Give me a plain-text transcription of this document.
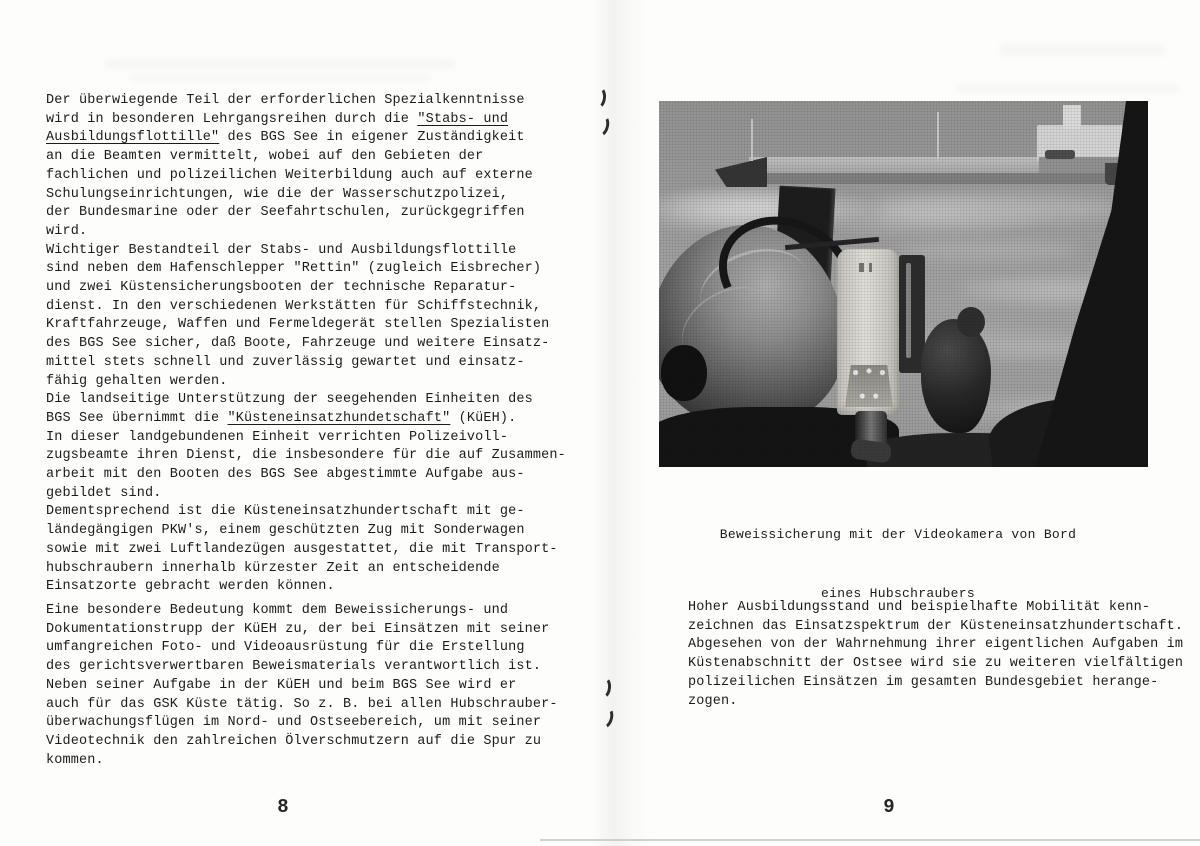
Der überwiegende Teil der erforderlichen Spezialkenntnisse
wird in besonderen Lehrgangsreihen durch die "Stabs- und
Ausbildungsflottille" des BGS See in eigener Zuständigkeit
an die Beamten vermittelt, wobei auf den Gebieten der
fachlichen und polizeilichen Weiterbildung auch auf externe
Schulungseinrichtungen, wie die der Wasserschutzpolizei,
der Bundesmarine oder der Seefahrtschulen, zurückgegriffen
wird.
Wichtiger Bestandteil der Stabs- und Ausbildungsflottille
sind neben dem Hafenschlepper "Rettin" (zugleich Eisbrecher)
und zwei Küstensicherungsbooten der technische Reparatur-
dienst. In den verschiedenen Werkstätten für Schiffstechnik,
Kraftfahrzeuge, Waffen und Fermeldegerät stellen Spezialisten
des BGS See sicher, daß Boote, Fahrzeuge und weitere Einsatz-
mittel stets schnell und zuverlässig gewartet und einsatz-
fähig gehalten werden.
Die landseitige Unterstützung der seegehenden Einheiten des
BGS See übernimmt die "Küsteneinsatzhundetschaft" (KüEH).
In dieser landgebundenen Einheit verrichten Polizeivoll-
zugsbeamte ihren Dienst, die insbesondere für die auf Zusammen-
arbeit mit den Booten des BGS See abgestimmte Aufgabe aus-
gebildet sind.
Dementsprechend ist die Küsteneinsatzhundertschaft mit ge-
ländegängigen PKW's, einem geschützten Zug mit Sonderwagen
sowie mit zwei Luftlandezügen ausgestattet, die mit Transport-
hubschraubern innerhalb kürzester Zeit an entscheidende
Einsatzorte gebracht werden können.
Eine besondere Bedeutung kommt dem Beweissicherungs- und
Dokumentationstrupp der KüEH zu, der bei Einsätzen mit seiner
umfangreichen Foto- und Videoausrüstung für die Erstellung
des gerichtsverwertbaren Beweismaterials verantwortlich ist.
Neben seiner Aufgabe in der KüEH und beim BGS See wird er
auch für das GSK Küste tätig. So z. B. bei allen Hubschrauber-
überwachungsflügen im Nord- und Ostseebereich, um mit seiner
Videotechnik den zahlreichen Ölverschmutzern auf die Spur zu
kommen.
8

Beweissicherung mit der Videokamera von Bord

eines Hubschraubers

Hoher Ausbildungsstand und beispielhafte Mobilität kenn-
zeichnen das Einsatzspektrum der Küsteneinsatzhundertschaft.
Abgesehen von der Wahrnehmung ihrer eigentlichen Aufgaben im
Küstenabschnitt der Ostsee wird sie zu weiteren vielfältigen
polizeilichen Einsätzen im gesamten Bundesgebiet herange-
zogen.
9
